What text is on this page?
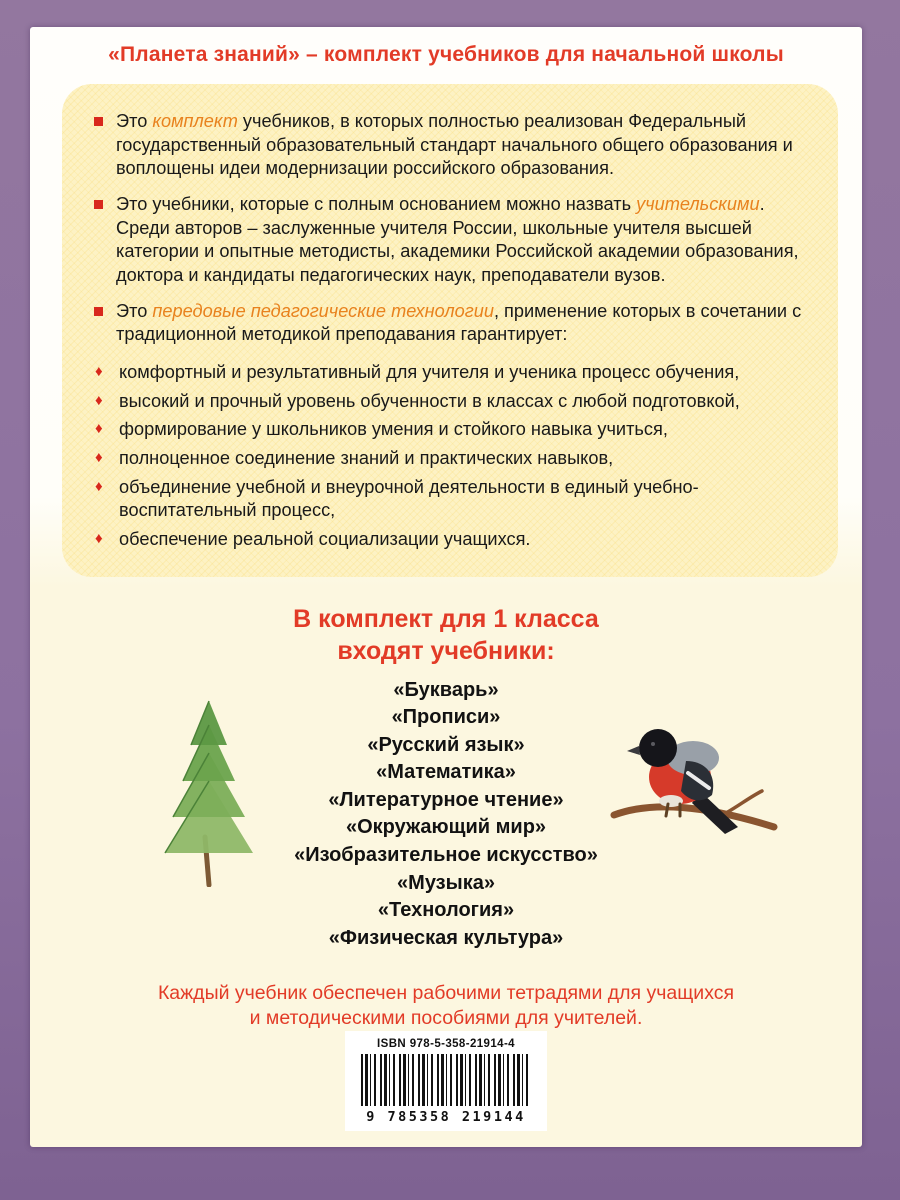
«Планета знаний» – комплект учебников для начальной школы

Это комплект учебников, в которых полностью реализован Федеральный государственный образовательный стандарт начального общего образования и воплощены идеи модернизации российского образования.

Это учебники, которые с полным основанием можно назвать учительскими. Среди авторов – заслуженные учителя России, школьные учителя высшей категории и опытные методисты, академики Российской академии образования, доктора и кандидаты педагогических наук, преподаватели вузов.

Это передовые педагогические технологии, применение которых в сочетании с традиционной методикой преподавания гарантирует:

♦ комфортный и результативный для учителя и ученика процесс обучения,
♦ высокий и прочный уровень обученности в классах с любой подготовкой,
♦ формирование у школьников умения и стойкого навыка учиться,
♦ полноценное соединение знаний и практических навыков,
♦ объединение учебной и внеурочной деятельности в единый учебно-воспитательный процесс,
♦ обеспечение реальной социализации учащихся.
В комплект для 1 класса
входят учебники:
«Букварь»
«Прописи»
«Русский язык»
«Математика»
«Литературное чтение»
«Окружающий мир»
«Изобразительное искусство»
«Музыка»
«Технология»
«Физическая культура»
Каждый учебник обеспечен рабочими тетрадями для учащихся
и методическими пособиями для учителей.
ISBN 978-5-358-21914-4
9 785358 219144
